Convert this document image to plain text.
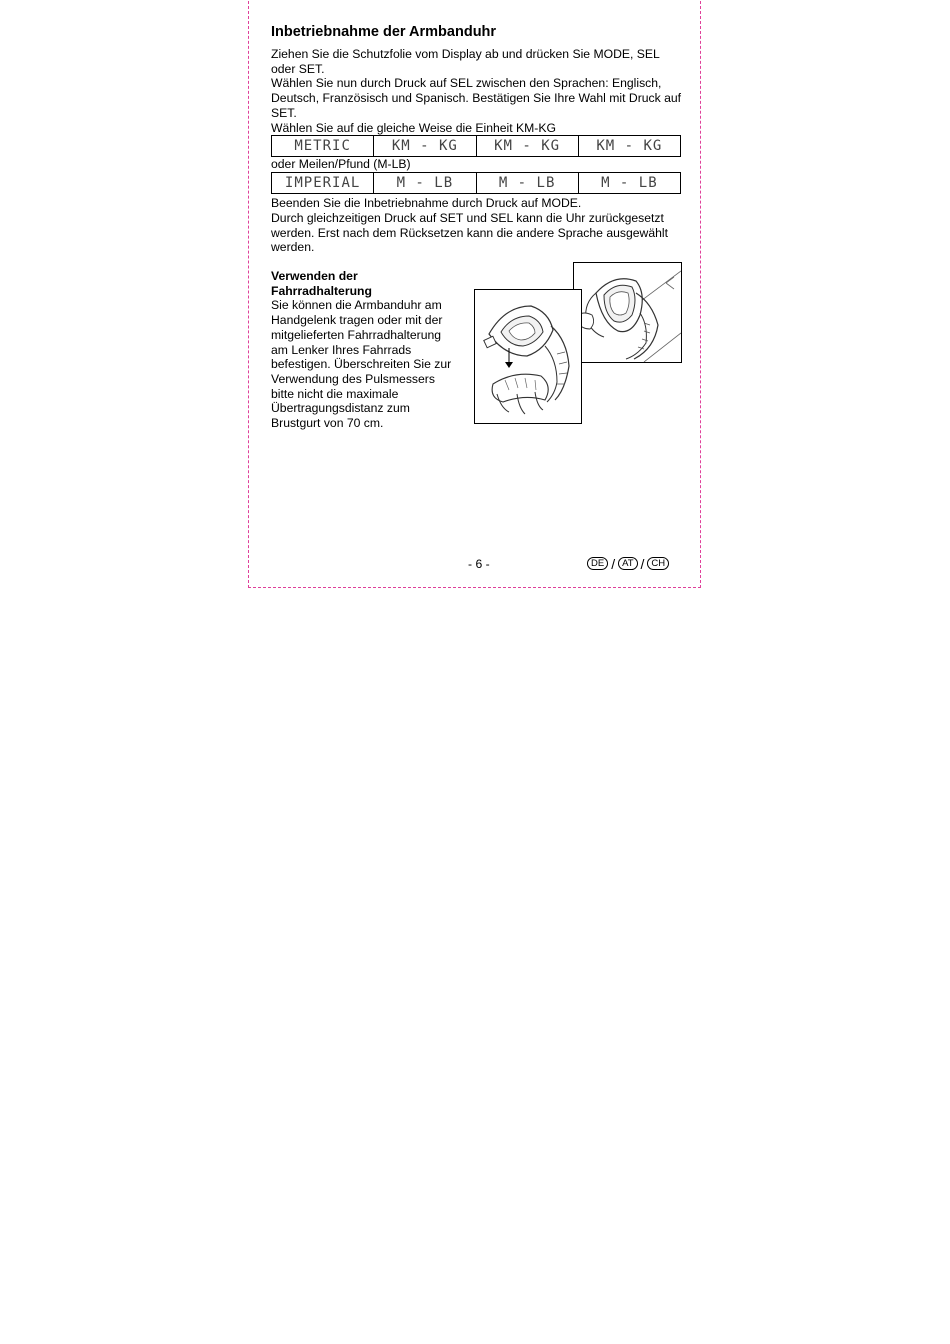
Inbetriebnahme der Armbanduhr

Ziehen Sie die Schutzfolie vom Display ab und drücken Sie MODE, SEL oder SET.

Wählen Sie nun durch Druck auf SEL zwischen den Sprachen: Englisch, Deutsch, Französisch und Spanisch. Bestätigen Sie Ihre Wahl mit Druck auf SET.

Wählen Sie auf die gleiche Weise die Einheit KM-KG

METRIC	KM - KG	KM - KG	KM - KG
oder Meilen/Pfund (M-LB)
IMPERIAL	M - LB	M - LB	M - LB

Beenden Sie die Inbetriebnahme durch Druck auf MODE.

Durch gleichzeitigen Druck auf SET und SEL kann die Uhr zurückgesetzt werden. Erst nach dem Rücksetzen kann die andere Sprache ausgewählt werden.

Verwenden der Fahrradhalterung

Sie können die Armbanduhr am Handgelenk tragen oder mit der mitgelieferten Fahrradhalterung am Lenker Ihres Fahrrads befestigen. Überschreiten Sie zur Verwendung des Pulsmessers bitte nicht die maximale Übertragungsdistanz zum Brustgurt von 70 cm.

- 6 -	DE / AT / CH
